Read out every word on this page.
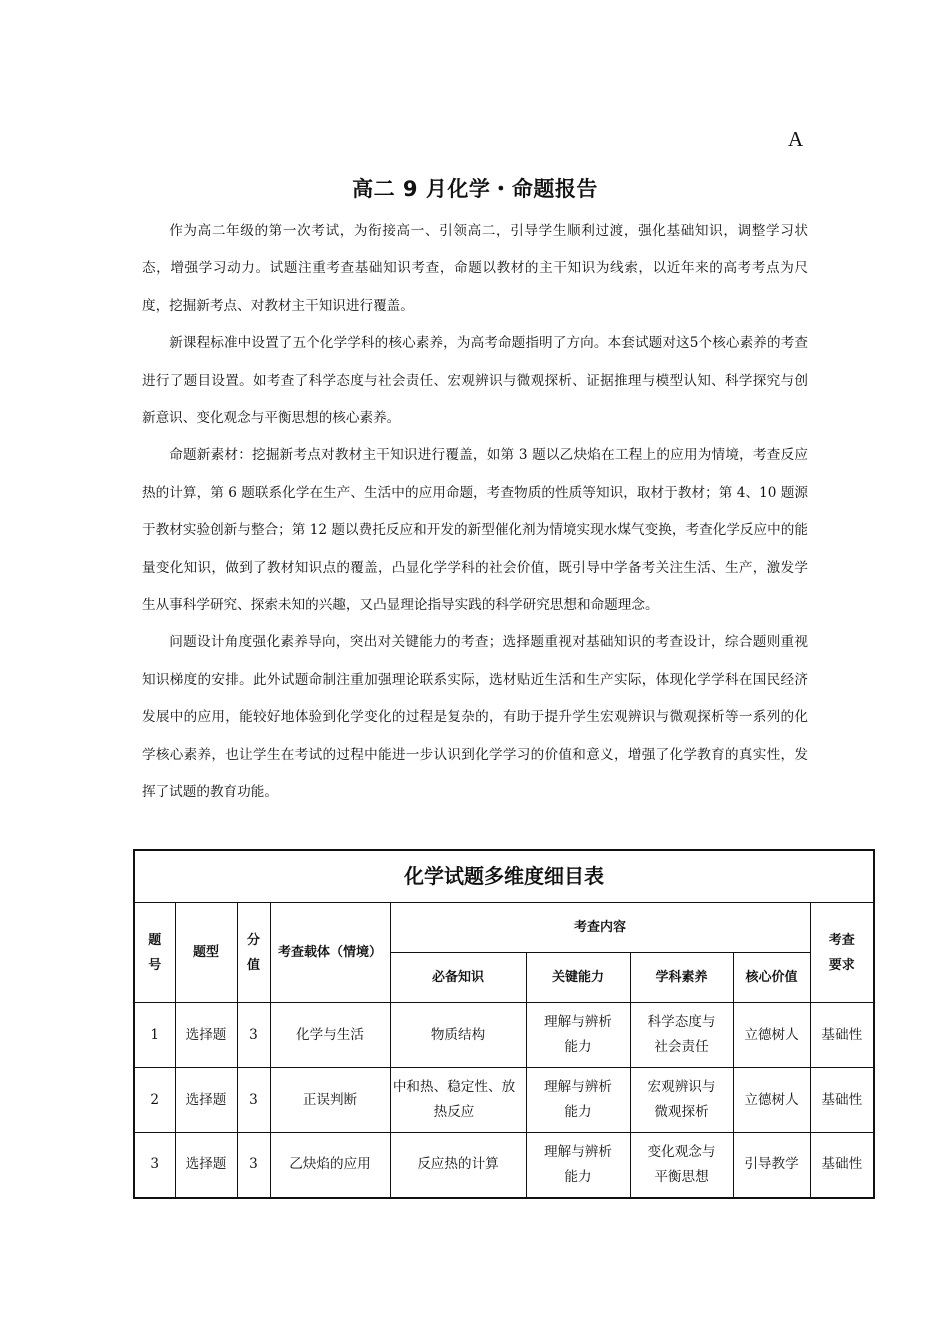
A
高二 9 月化学・命题报告

作为高二年级的第一次考试，为衔接高一、引领高二，引导学生顺利过渡，强化基础知识，调整学习状态，增强学习动力。试题注重考查基础知识考查，命题以教材的主干知识为线索，以近年来的高考考点为尺度，挖掘新考点、对教材主干知识进行覆盖。

新课程标准中设置了五个化学学科的核心素养，为高考命题指明了方向。本套试题对这5个核心素养的考查进行了题目设置。如考查了科学态度与社会责任、宏观辨识与微观探析、证据推理与模型认知、科学探究与创新意识、变化观念与平衡思想的核心素养。

命题新素材：挖掘新考点对教材主干知识进行覆盖，如第 3 题以乙炔焰在工程上的应用为情境，考查反应热的计算，第 6 题联系化学在生产、生活中的应用命题，考查物质的性质等知识，取材于教材；第 4、10 题源于教材实验创新与整合；第 12 题以费托反应和开发的新型催化剂为情境实现水煤气变换，考查化学反应中的能量变化知识，做到了教材知识点的覆盖，凸显化学学科的社会价值，既引导中学备考关注生活、生产，激发学生从事科学研究、探索未知的兴趣，又凸显理论指导实践的科学研究思想和命题理念。

问题设计角度强化素养导向，突出对关键能力的考查；选择题重视对基础知识的考查设计，综合题则重视知识梯度的安排。此外试题命制注重加强理论联系实际，选材贴近生活和生产实际，体现化学学科在国民经济发展中的应用，能较好地体验到化学变化的过程是复杂的，有助于提升学生宏观辨识与微观探析等一系列的化学核心素养，也让学生在考试的过程中能进一步认识到化学学习的价值和意义，增强了化学教育的真实性，发挥了试题的教育功能。

化学试题多维度细目表								
题号	题型	分值	考查载体（情境）	考查内容				考查要求
				必备知识	关键能力	学科素养	核心价值	
1	选择题	3	化学与生活	物质结构	理解与辨析能力	科学态度与社会责任	立德树人	基础性
2	选择题	3	正误判断	中和热、稳定性、放热反应	理解与辨析能力	宏观辨识与微观探析	立德树人	基础性
3	选择题	3	乙炔焰的应用	反应热的计算	理解与辨析能力	变化观念与平衡思想	引导教学	基础性
